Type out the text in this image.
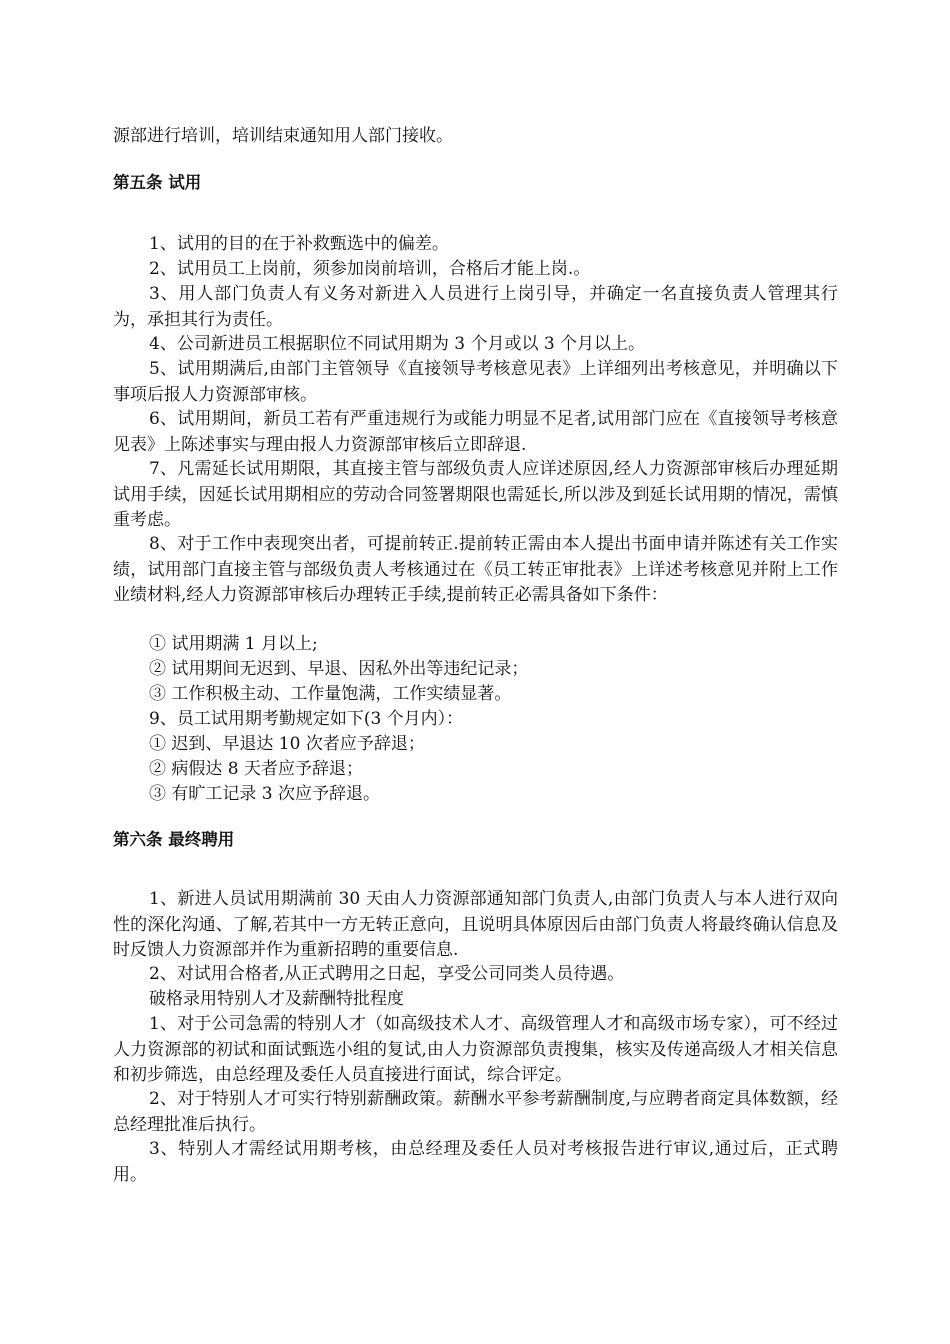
源部进行培训，培训结束通知用人部门接收。

第五条 试用

1、试用的目的在于补救甄选中的偏差。

2、试用员工上岗前，须参加岗前培训，合格后才能上岗.。

3、用人部门负责人有义务对新进入人员进行上岗引导，并确定一名直接负责人管理其行为，承担其行为责任。

4、公司新进员工根据职位不同试用期为 3 个月或以 3 个月以上。

5、试用期满后,由部门主管领导《直接领导考核意见表》上详细列出考核意见，并明确以下事项后报人力资源部审核。

6、试用期间，新员工若有严重违规行为或能力明显不足者,试用部门应在《直接领导考核意见表》上陈述事实与理由报人力资源部审核后立即辞退.

7、凡需延长试用期限，其直接主管与部级负责人应详述原因,经人力资源部审核后办理延期试用手续，因延长试用期相应的劳动合同签署期限也需延长,所以涉及到延长试用期的情况，需慎重考虑。

8、对于工作中表现突出者，可提前转正.提前转正需由本人提出书面申请并陈述有关工作实绩，试用部门直接主管与部级负责人考核通过在《员工转正审批表》上详述考核意见并附上工作业绩材料,经人力资源部审核后办理转正手续,提前转正必需具备如下条件：

① 试用期满 1 月以上;

② 试用期间无迟到、早退、因私外出等违纪记录；

③ 工作积极主动、工作量饱满，工作实绩显著。

9、员工试用期考勤规定如下(3 个月内）：

① 迟到、早退达 10 次者应予辞退；

② 病假达 8 天者应予辞退；

③ 有旷工记录 3 次应予辞退。

第六条 最终聘用

1、新进人员试用期满前 30 天由人力资源部通知部门负责人,由部门负责人与本人进行双向性的深化沟通、了解,若其中一方无转正意向，且说明具体原因后由部门负责人将最终确认信息及时反馈人力资源部并作为重新招聘的重要信息.

2、对试用合格者,从正式聘用之日起，享受公司同类人员待遇。

破格录用特别人才及薪酬特批程度

1、对于公司急需的特别人才（如高级技术人才、高级管理人才和高级市场专家），可不经过人力资源部的初试和面试甄选小组的复试,由人力资源部负责搜集，核实及传递高级人才相关信息和初步筛选，由总经理及委任人员直接进行面试，综合评定。

2、对于特别人才可实行特别薪酬政策。薪酬水平参考薪酬制度,与应聘者商定具体数额，经总经理批准后执行。

3、特别人才需经试用期考核，由总经理及委任人员对考核报告进行审议,通过后，正式聘用。
